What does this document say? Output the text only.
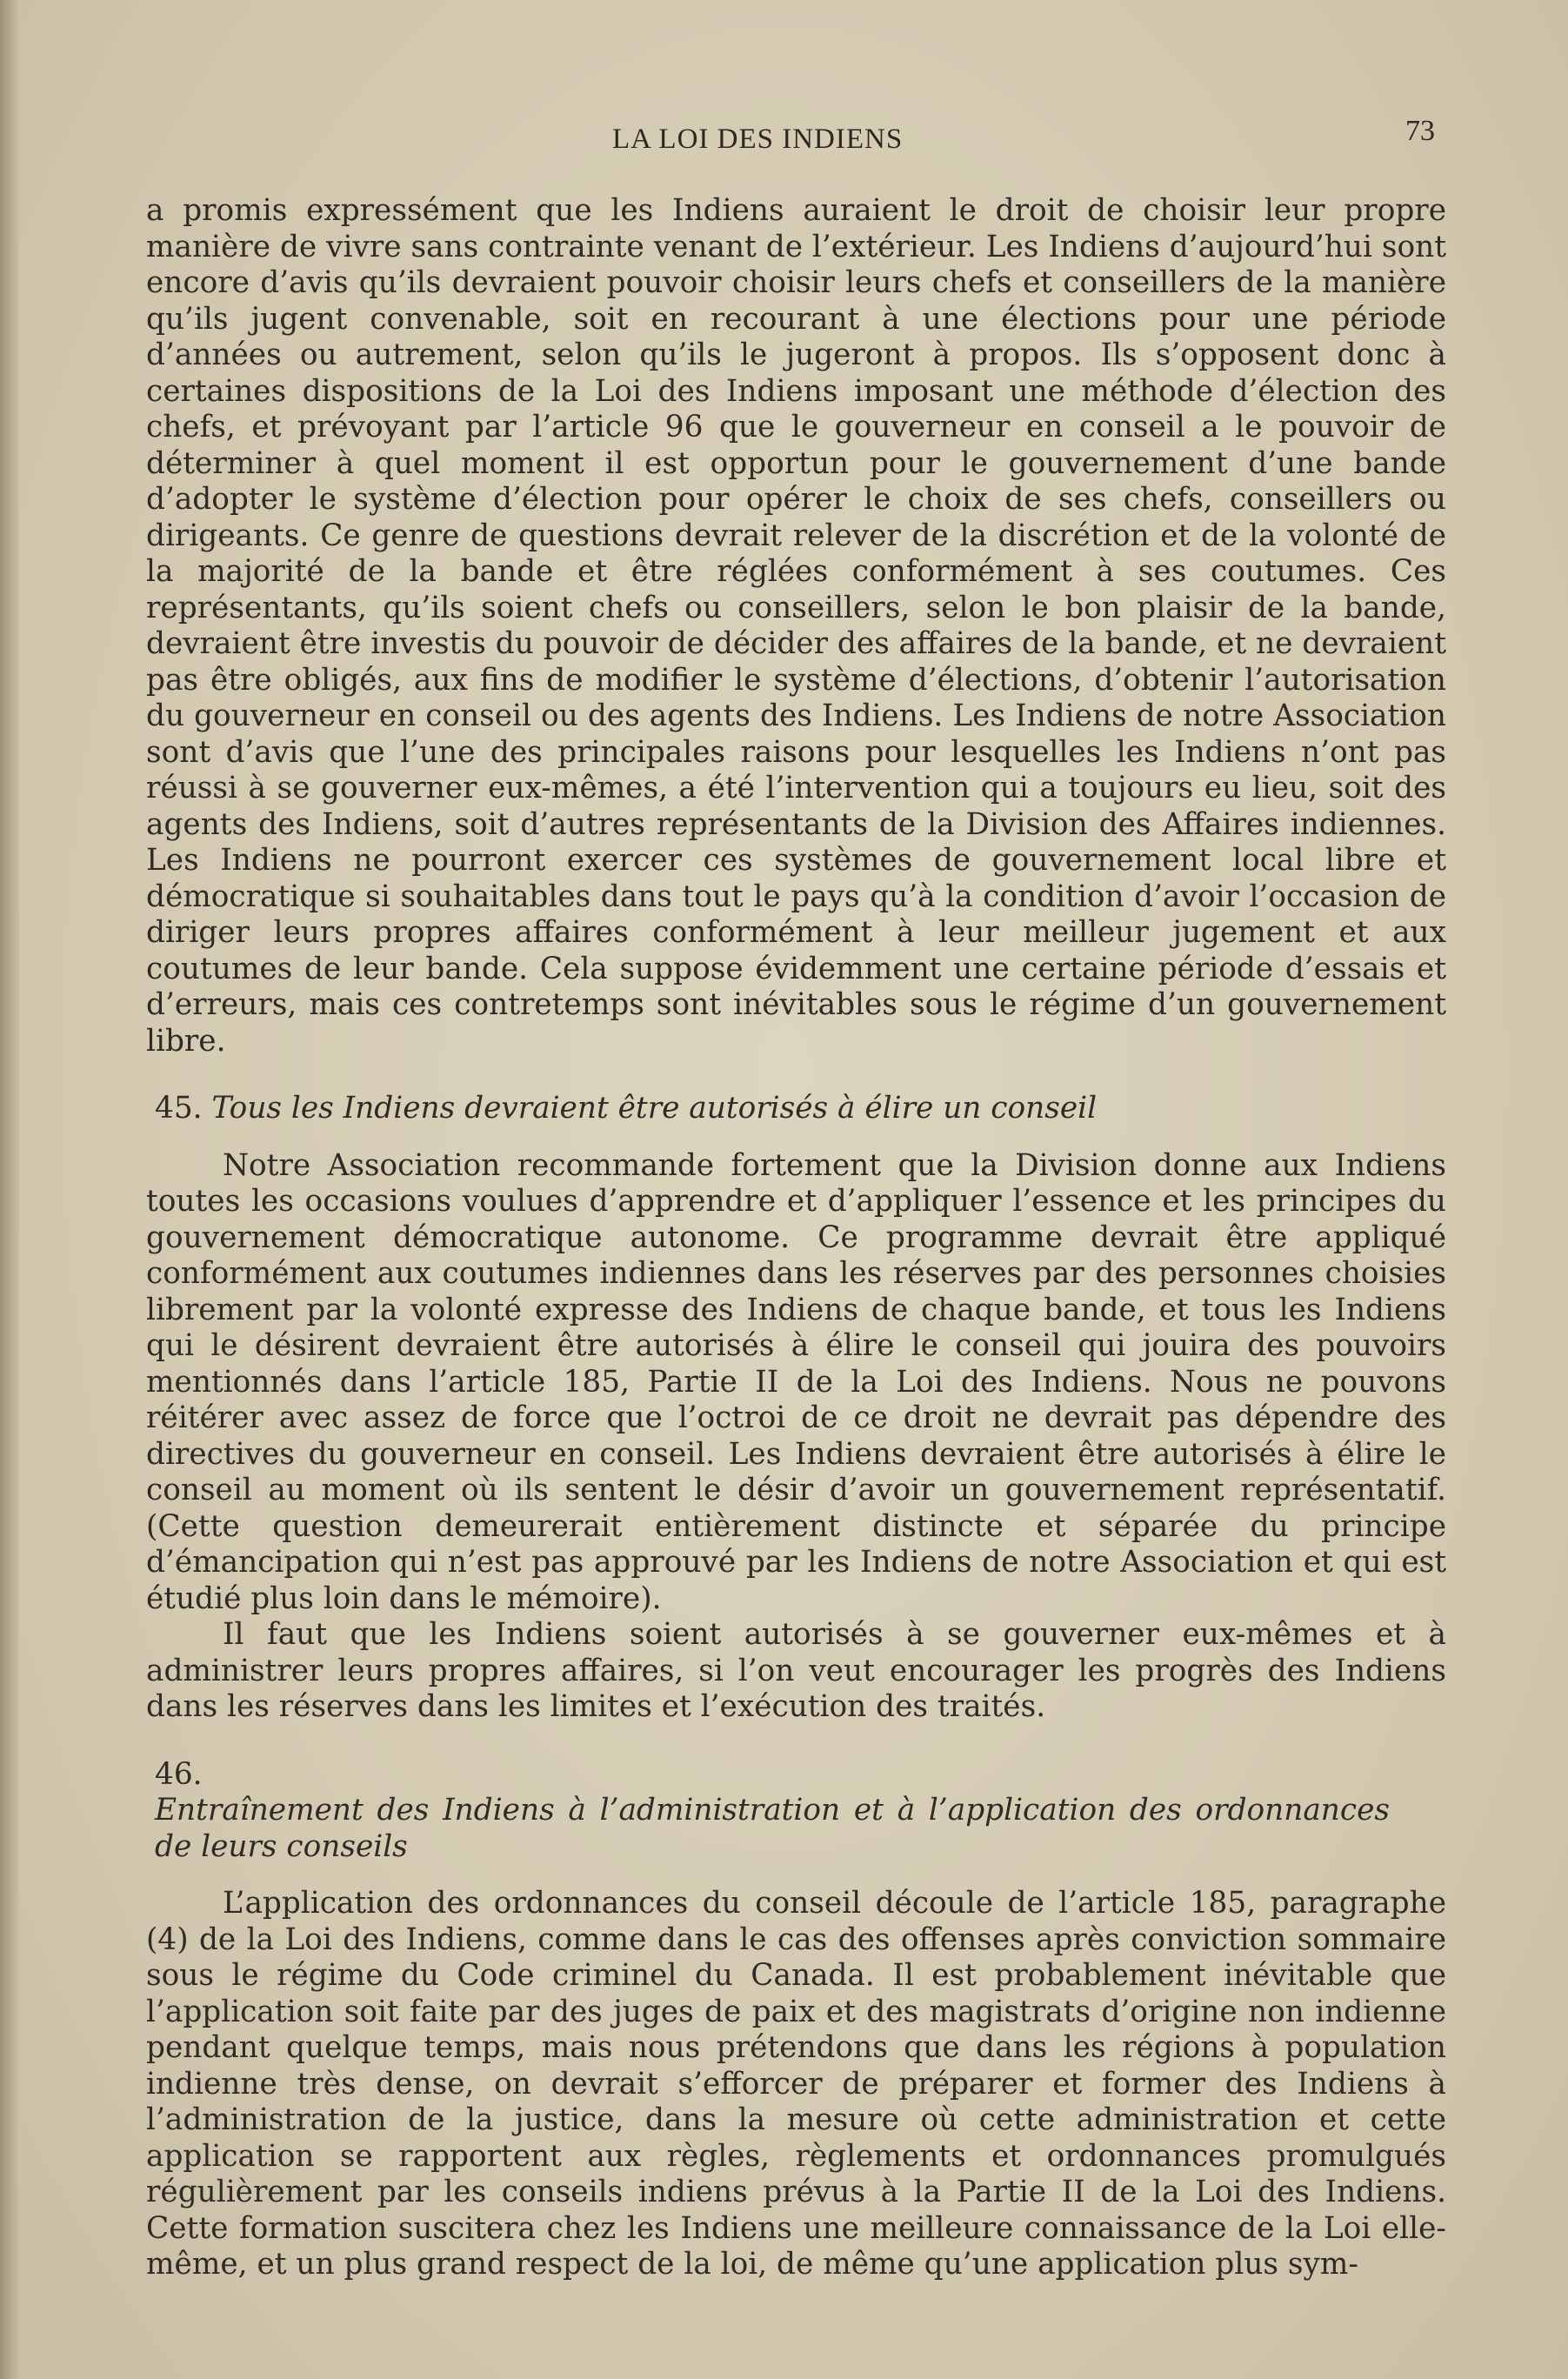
LA LOI DES INDIENS	73

a promis expressément que les Indiens auraient le droit de choisir leur propre manière de vivre sans contrainte venant de l’extérieur. Les Indiens d’aujourd’hui sont encore d’avis qu’ils devraient pouvoir choisir leurs chefs et conseillers de la manière qu’ils jugent convenable, soit en recourant à une élections pour une période d’années ou autrement, selon qu’ils le jugeront à propos. Ils s’opposent donc à certaines dispositions de la Loi des Indiens imposant une méthode d’élection des chefs, et prévoyant par l’article 96 que le gouverneur en conseil a le pouvoir de déterminer à quel moment il est opportun pour le gouvernement d’une bande d’adopter le système d’élection pour opérer le choix de ses chefs, conseillers ou dirigeants. Ce genre de questions devrait relever de la discrétion et de la volonté de la majorité de la bande et être réglées conformément à ses coutumes. Ces représentants, qu’ils soient chefs ou conseillers, selon le bon plaisir de la bande, devraient être investis du pouvoir de décider des affaires de la bande, et ne devraient pas être obligés, aux fins de modifier le système d’élections, d’obtenir l’autorisation du gouverneur en conseil ou des agents des Indiens. Les Indiens de notre Association sont d’avis que l’une des principales raisons pour lesquelles les Indiens n’ont pas réussi à se gouverner eux-mêmes, a été l’intervention qui a toujours eu lieu, soit des agents des Indiens, soit d’autres représentants de la Division des Affaires indiennes. Les Indiens ne pourront exercer ces systèmes de gouvernement local libre et démocratique si souhaitables dans tout le pays qu’à la condition d’avoir l’occasion de diriger leurs propres affaires conformément à leur meilleur jugement et aux coutumes de leur bande. Cela suppose évidemment une certaine période d’essais et d’erreurs, mais ces contretemps sont inévitables sous le régime d’un gouvernement libre.

45. Tous les Indiens devraient être autorisés à élire un conseil

Notre Association recommande fortement que la Division donne aux Indiens toutes les occasions voulues d’apprendre et d’appliquer l’essence et les principes du gouvernement démocratique autonome. Ce programme devrait être appliqué conformément aux coutumes indiennes dans les réserves par des personnes choisies librement par la volonté expresse des Indiens de chaque bande, et tous les Indiens qui le désirent devraient être autorisés à élire le conseil qui jouira des pouvoirs mentionnés dans l’article 185, Partie II de la Loi des Indiens. Nous ne pouvons réitérer avec assez de force que l’octroi de ce droit ne devrait pas dépendre des directives du gouverneur en conseil. Les Indiens devraient être autorisés à élire le conseil au moment où ils sentent le désir d’avoir un gouvernement représentatif. (Cette question demeurerait entièrement distincte et séparée du principe d’émancipation qui n’est pas approuvé par les Indiens de notre Association et qui est étudié plus loin dans le mémoire).

Il faut que les Indiens soient autorisés à se gouverner eux-mêmes et à administrer leurs propres affaires, si l’on veut encourager les progrès des Indiens dans les réserves dans les limites et l’exécution des traités.

46. Entraînement des Indiens à l’administration et à l’application des ordonnances de leurs conseils

L’application des ordonnances du conseil découle de l’article 185, paragraphe (4) de la Loi des Indiens, comme dans le cas des offenses après conviction sommaire sous le régime du Code criminel du Canada. Il est probablement inévitable que l’application soit faite par des juges de paix et des magistrats d’origine non indienne pendant quelque temps, mais nous prétendons que dans les régions à population indienne très dense, on devrait s’efforcer de préparer et former des Indiens à l’administration de la justice, dans la mesure où cette administration et cette application se rapportent aux règles, règlements et ordonnances promulgués régulièrement par les conseils indiens prévus à la Partie II de la Loi des Indiens. Cette formation suscitera chez les Indiens une meilleure connaissance de la Loi elle-même, et un plus grand respect de la loi, de même qu’une application plus sym-
